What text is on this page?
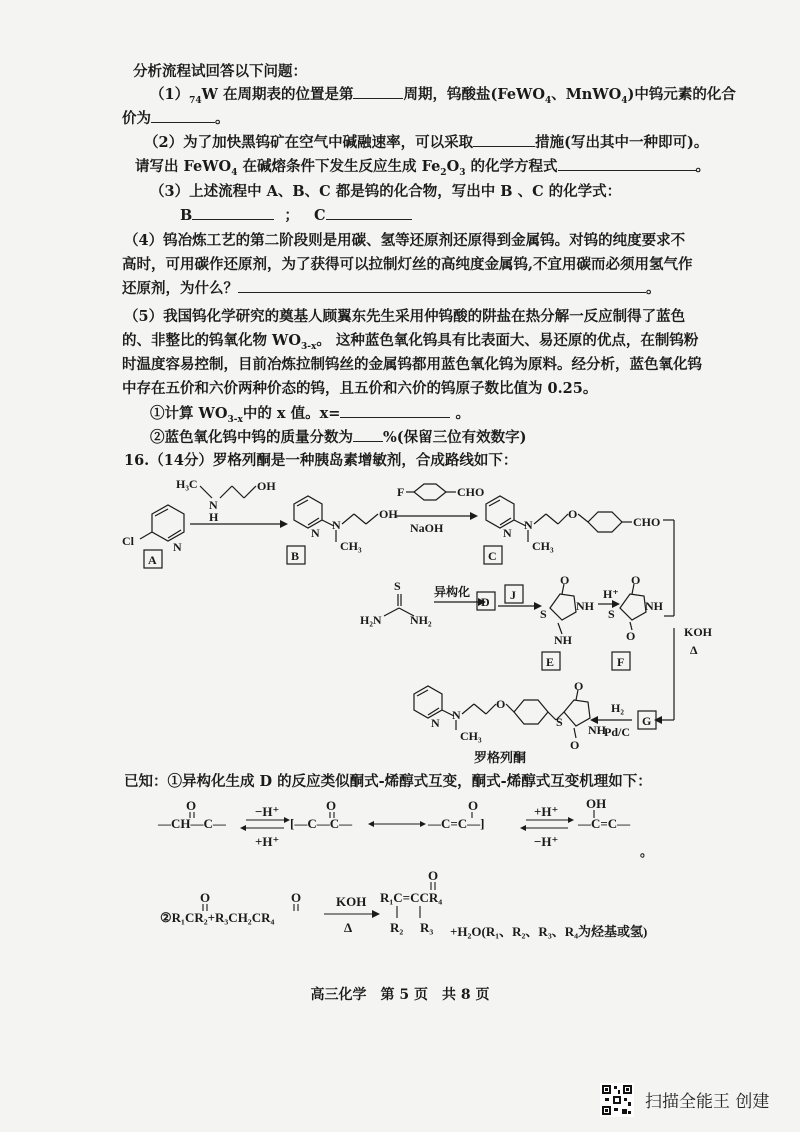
分析流程试回答以下问题：
$(1)_{74}W$ 在周期表的位置是第	周期，钨酸盐(FeWO$_4$、MnWO$_4$)中钨元素的化合
价为	。
（2）为了加快黑钨矿在空气中碱融速率，可以采取	措施(写出其中一种即可)。
请写出 FeWO$_4$ 在碱熔条件下发生反应生成 $Fe_2O_3$ 的化学方程式	。
（3）上述流程中 A、B、C 都是钨的化合物，写出中 B 、C 的化学式：
B	； C
（4）钨冶炼工艺的第二阶段则是用碳、氢等还原剂还原得到金属钨。对钨的纯度要求不
高时，可用碳作还原剂，为了获得可以拉制灯丝的高纯度金属钨,不宜用碳而必须用氢气作
还原剂，为什么？	。
（5）我国钨化学研究的奠基人顾翼东先生采用仲钨酸的阱盐在热分解一反应制得了蓝色
的、非整比的钨氧化物 $WO_{3-x}$。 这种蓝色氧化钨具有比表面大、易还原的优点，在制钨粉
时温度容易控制，目前冶炼拉制钨丝的金属钨都用蓝色氧化钨为原料。经分析，蓝色氧化钨
中存在五价和六价两种价态的钨，且五价和六价的钨原子数比值为 0.25。
①计算 $WO_{3-x}$中的 x 值。x=	。
②蓝色氧化钨中钨的质量分数为 %(保留三位有效数字)
16.（14分）罗格列酮是一种胰岛素增敏剂，合成路线如下：
Cl	N
A
H₃C
N
H
OH
N
N
CH₃
OH
B
F	CHO
NaOH	N
N
O
CH₃
CHO
C
KOH
Δ
S
H₂N NH₂
异构化
D J
O
NH
S
NH
E
H⁺
O
NH
S
O
F
G
H₂
Pd/C
N
N
CH₃
O
O
S
NH
O
罗格列酮
已知：①异构化生成 D 的反应类似酮式-烯醇式互变，酮式-烯醇式互变机理如下：
—CH—C—
O
[—C—C—
O
—C=C—]
O
—C=C—
OH
−H⁺
+H⁺
+H⁺
−H⁺
。
②R₁CR₂+R₃CH₂CR₄
O	O	KOH
Δ
R₁C=CCR₄
O
R₂ R₃ +H₂O(R₁、R₂、R₃、R₄为烃基或氢)
高三化学　第 5 页　共 8 页
扫描全能王 创建
